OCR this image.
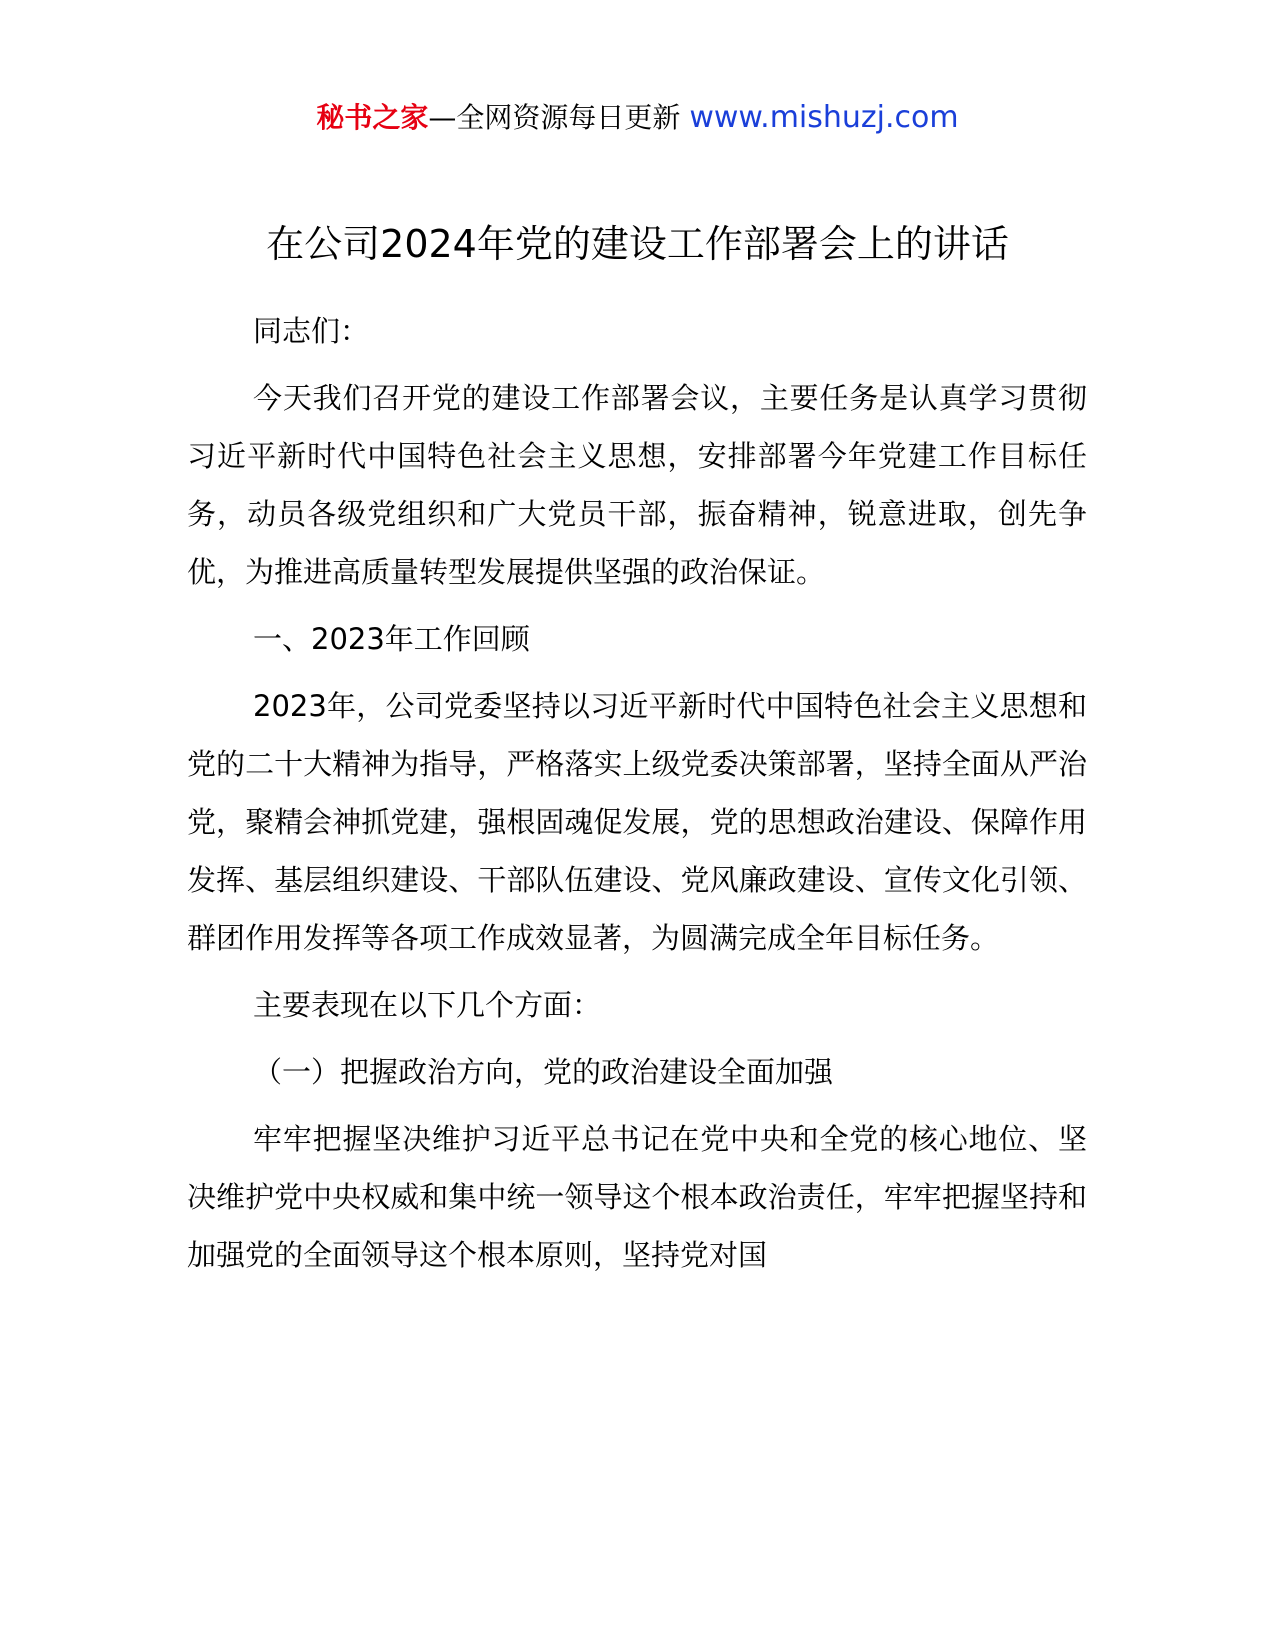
秘书之家—全网资源每日更新 www.mishuzj.com
在公司2024年党的建设工作部署会上的讲话

同志们：

今天我们召开党的建设工作部署会议，主要任务是认真学习贯彻习近平新时代中国特色社会主义思想，安排部署今年党建工作目标任务，动员各级党组织和广大党员干部，振奋精神，锐意进取，创先争优，为推进高质量转型发展提供坚强的政治保证。

一、2023年工作回顾

2023年，公司党委坚持以习近平新时代中国特色社会主义思想和党的二十大精神为指导，严格落实上级党委决策部署，坚持全面从严治党，聚精会神抓党建，强根固魂促发展，党的思想政治建设、保障作用发挥、基层组织建设、干部队伍建设、党风廉政建设、宣传文化引领、群团作用发挥等各项工作成效显著，为圆满完成全年目标任务。

主要表现在以下几个方面：

（一）把握政治方向，党的政治建设全面加强

牢牢把握坚决维护习近平总书记在党中央和全党的核心地位、坚决维护党中央权威和集中统一领导这个根本政治责任，牢牢把握坚持和加强党的全面领导这个根本原则，坚持党对国
